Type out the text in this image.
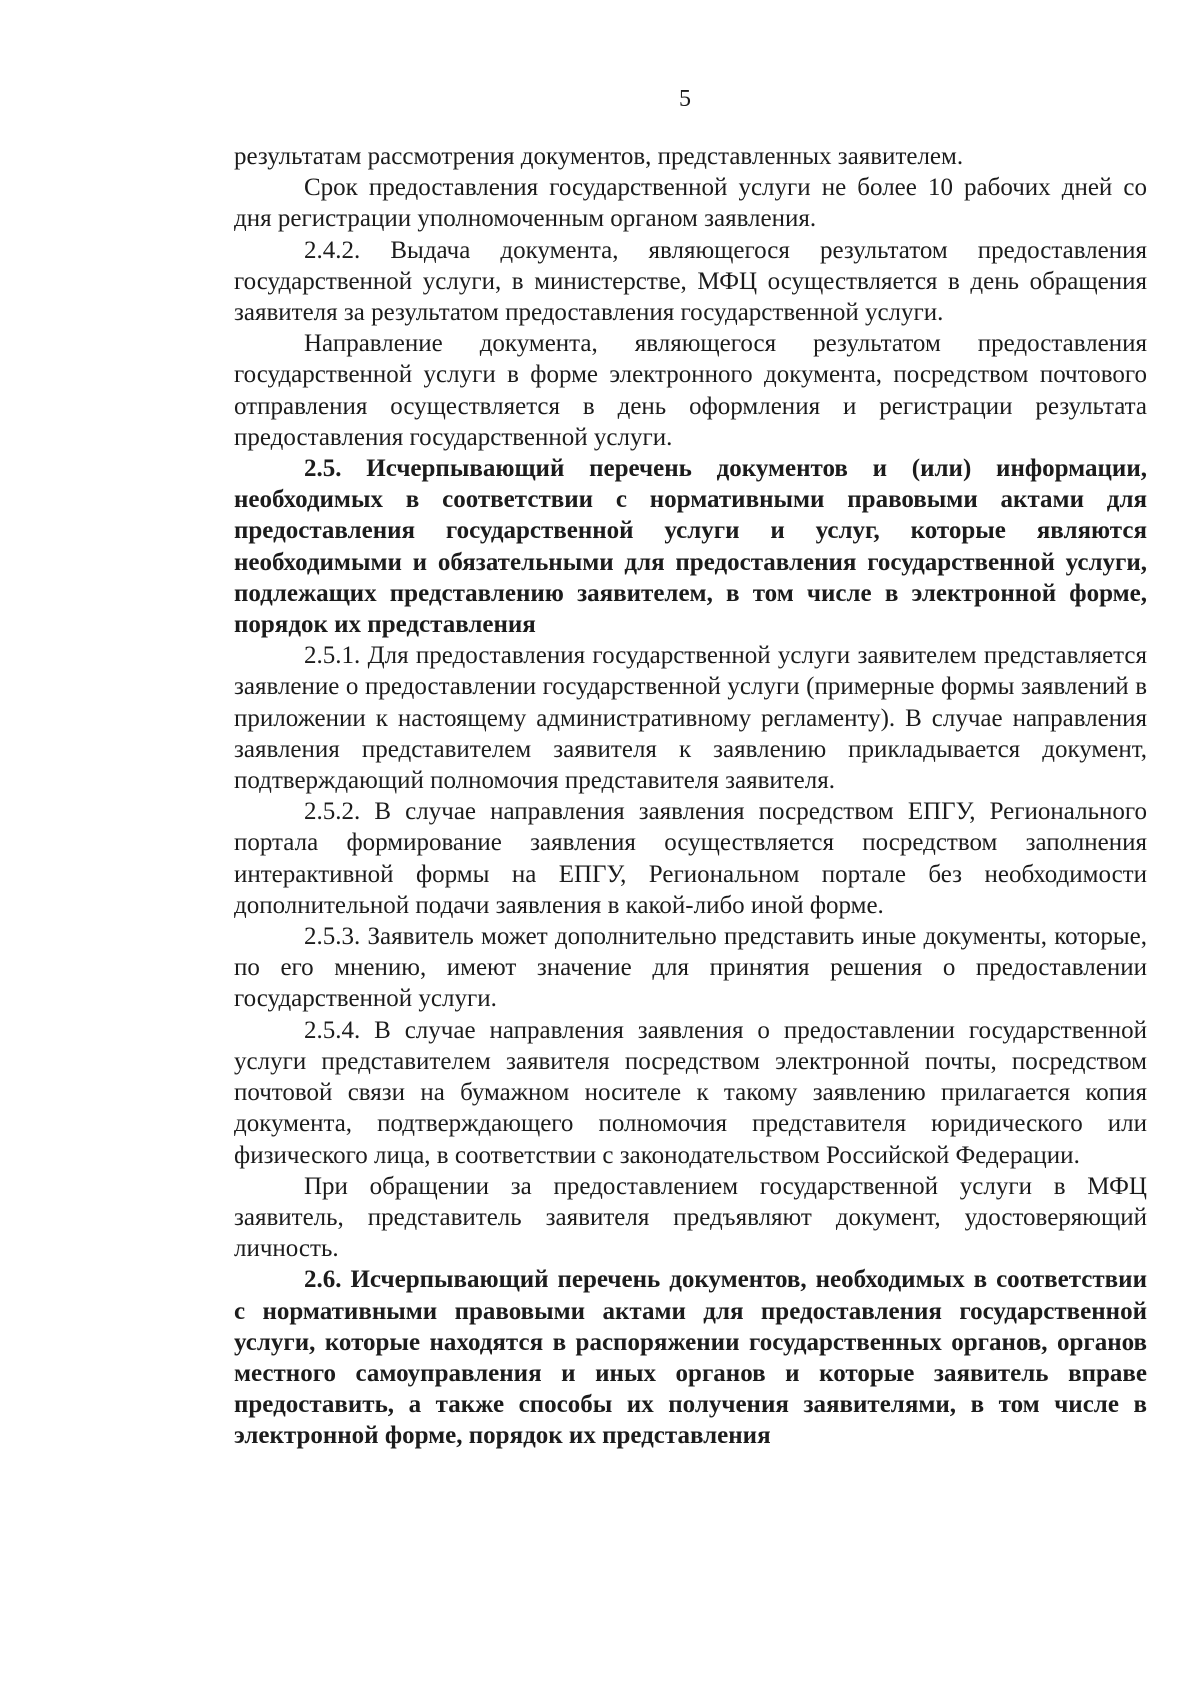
5

результатам рассмотрения документов, представленных заявителем.

Срок предоставления государственной услуги не более 10 рабочих дней со дня регистрации уполномоченным органом заявления.

2.4.2. Выдача документа, являющегося результатом предоставления государственной услуги, в министерстве, МФЦ осуществляется в день обращения заявителя за результатом предоставления государственной услуги.

Направление документа, являющегося результатом предоставления государственной услуги в форме электронного документа, посредством почтового отправления осуществляется в день оформления и регистрации результата предоставления государственной услуги.

2.5. Исчерпывающий перечень документов и (или) информации, необходимых в соответствии с нормативными правовыми актами для предоставления государственной услуги и услуг, которые являются необходимыми и обязательными для предоставления государственной услуги, подлежащих представлению заявителем, в том числе в электронной форме, порядок их представления

2.5.1. Для предоставления государственной услуги заявителем представляется заявление о предоставлении государственной услуги (примерные формы заявлений в приложении к настоящему административному регламенту). В случае направления заявления представителем заявителя к заявлению прикладывается документ, подтверждающий полномочия представителя заявителя.

2.5.2. В случае направления заявления посредством ЕПГУ, Регионального портала формирование заявления осуществляется посредством заполнения интерактивной формы на ЕПГУ, Региональном портале без необходимости дополнительной подачи заявления в какой-либо иной форме.

2.5.3. Заявитель может дополнительно представить иные документы, которые, по его мнению, имеют значение для принятия решения о предоставлении государственной услуги.

2.5.4. В случае направления заявления о предоставлении государственной услуги представителем заявителя посредством электронной почты, посредством почтовой связи на бумажном носителе к такому заявлению прилагается копия документа, подтверждающего полномочия представителя юридического или физического лица, в соответствии с законодательством Российской Федерации.

При обращении за предоставлением государственной услуги в МФЦ заявитель, представитель заявителя предъявляют документ, удостоверяющий личность.

2.6. Исчерпывающий перечень документов, необходимых в соответствии с нормативными правовыми актами для предоставления государственной услуги, которые находятся в распоряжении государственных органов, органов местного самоуправления и иных органов и которые заявитель вправе предоставить, а также способы их получения заявителями, в том числе в электронной форме, порядок их представления
